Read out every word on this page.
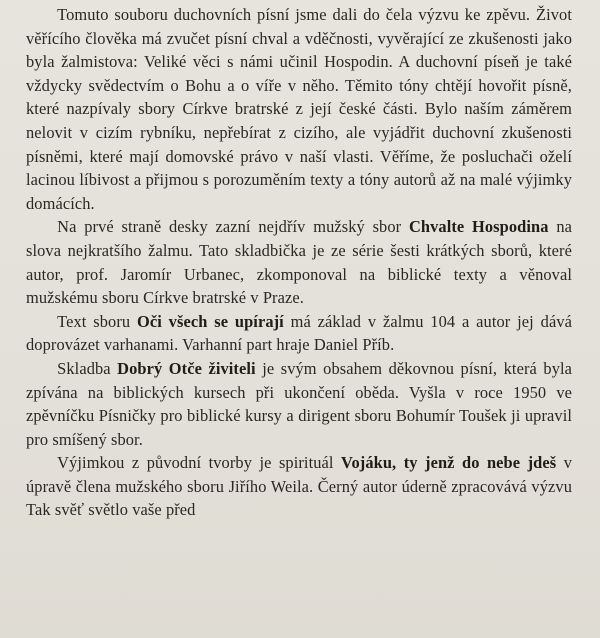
Tomuto souboru duchovních písní jsme dali do čela výzvu ke zpěvu. Život věřícího člověka má zvučet písní chval a vděčnosti, vyvěrající ze zkušenosti jako byla žalmistova: Veliké věci s námi učinil Hospodin. A duchovní píseň je také vždycky svědectvím o Bohu a o víře v něho. Těmito tóny chtějí hovořit písně, které nazpívaly sbory Církve bratrské z její české části. Bylo naším záměrem nelovit v cizím rybníku, nepřebírat z cizího, ale vyjádřit duchovní zkušenosti písněmi, které mají domovské právo v naší vlasti. Věříme, že posluchači oželí lacinou líbivost a přijmou s porozuměním texty a tóny autorů až na malé výjimky domácích.

Na prvé straně desky zazní nejdřív mužský sbor Chvalte Hospodina na slova nejkratšího žalmu. Tato skladbička je ze série šesti krátkých sborů, které autor, prof. Jaromír Urbanec, zkomponoval na biblické texty a věnoval mužskému sboru Církve bratrské v Praze.

Text sboru Oči všech se upírají má základ v žalmu 104 a autor jej dává doprovázet varhanami. Varhanní part hraje Daniel Příb.

Skladba Dobrý Otče živiteli je svým obsahem děkovnou písní, která byla zpívána na biblických kursech při ukončení oběda. Vyšla v roce 1950 ve zpěvníčku Písničky pro biblické kursy a dirigent sboru Bohumír Toušek ji upravil pro smíšený sbor.

Výjimkou z původní tvorby je spirituál Vojáku, ty jenž do nebe jdeš v úpravě člena mužského sboru Jiřího Weila. Černý autor úderně zpracovává výzvu Tak svěť světlo vaše před
